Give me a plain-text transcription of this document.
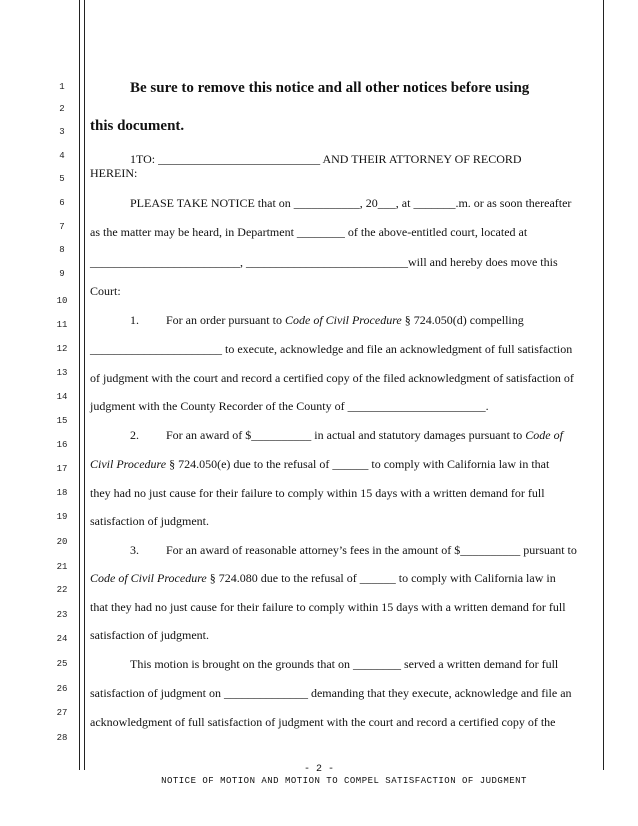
1
2
3
4
5
6
7
8
9
10
11
12
13
14
15
16
17
18
19
20
21
22
23
24
25
26
27
28
Be sure to remove this notice and all other notices before using
this document.
1TO: ___________________________ AND THEIR ATTORNEY OF RECORD
HEREIN:
PLEASE TAKE NOTICE that on ___________, 20___, at _______.m. or as soon thereafter
as the matter may be heard, in Department ________ of the above-entitled court, located at
_________________________, ___________________________will and hereby does move this
Court:
1. For an order pursuant to Code of Civil Procedure § 724.050(d) compelling
______________________ to execute, acknowledge and file an acknowledgment of full satisfaction
of judgment with the court and record a certified copy of the filed acknowledgment of satisfaction of
judgment with the County Recorder of the County of _______________________.
2. For an award of $__________ in actual and statutory damages pursuant to Code of
Civil Procedure § 724.050(e) due to the refusal of ______ to comply with California law in that
they had no just cause for their failure to comply within 15 days with a written demand for full
satisfaction of judgment.
3. For an award of reasonable attorney’s fees in the amount of $__________ pursuant to
Code of Civil Procedure § 724.080 due to the refusal of ______ to comply with California law in
that they had no just cause for their failure to comply within 15 days with a written demand for full
satisfaction of judgment.
This motion is brought on the grounds that on ________ served a written demand for full
satisfaction of judgment on ______________ demanding that they execute, acknowledge and file an
acknowledgment of full satisfaction of judgment with the court and record a certified copy of the
- 2 -
NOTICE OF MOTION AND MOTION TO COMPEL SATISFACTION OF JUDGMENT
